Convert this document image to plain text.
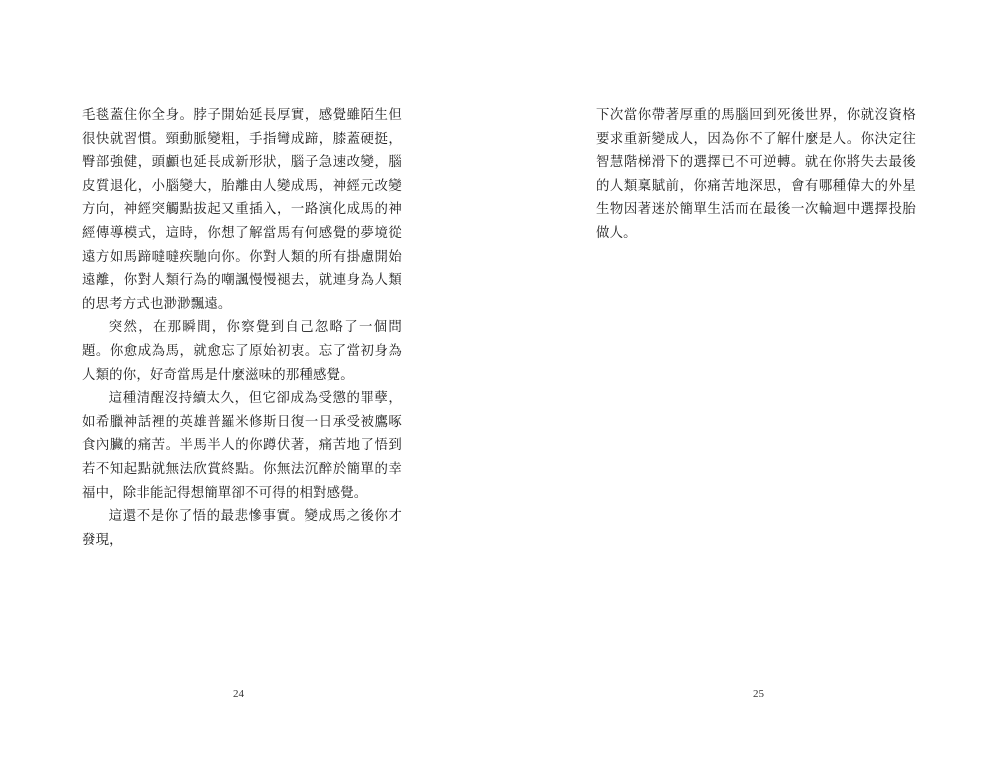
毛毯蓋住你全身。脖子開始延長厚實，感覺雖陌生但很快就習慣。頸動脈變粗，手指彎成蹄，膝蓋硬挺，臀部強健，頭顱也延長成新形狀，腦子急速改變，腦皮質退化，小腦變大，胎離由人變成馬，神經元改變方向，神經突觸點拔起又重插入，一路演化成馬的神經傳導模式，這時，你想了解當馬有何感覺的夢境從遠方如馬蹄噠噠疾馳向你。你對人類的所有掛慮開始遠離，你對人類行為的嘲諷慢慢褪去，就連身為人類的思考方式也渺渺飄遠。

突然，在那瞬間，你察覺到自己忽略了一個問題。你愈成為馬，就愈忘了原始初衷。忘了當初身為人類的你，好奇當馬是什麼滋味的那種感覺。

這種清醒沒持續太久，但它卻成為受懲的罪孽，如希臘神話裡的英雄普羅米修斯日復一日承受被鷹啄食內臟的痛苦。半馬半人的你蹲伏著，痛苦地了悟到若不知起點就無法欣賞終點。你無法沉醉於簡單的幸福中，除非能記得想簡單卻不可得的相對感覺。

這還不是你了悟的最悲慘事實。變成馬之後你才發現，

24

下次當你帶著厚重的馬腦回到死後世界，你就沒資格要求重新變成人，因為你不了解什麼是人。你決定往智慧階梯滑下的選擇已不可逆轉。就在你將失去最後的人類稟賦前，你痛苦地深思，會有哪種偉大的外星生物因著迷於簡單生活而在最後一次輪迴中選擇投胎做人。

25
